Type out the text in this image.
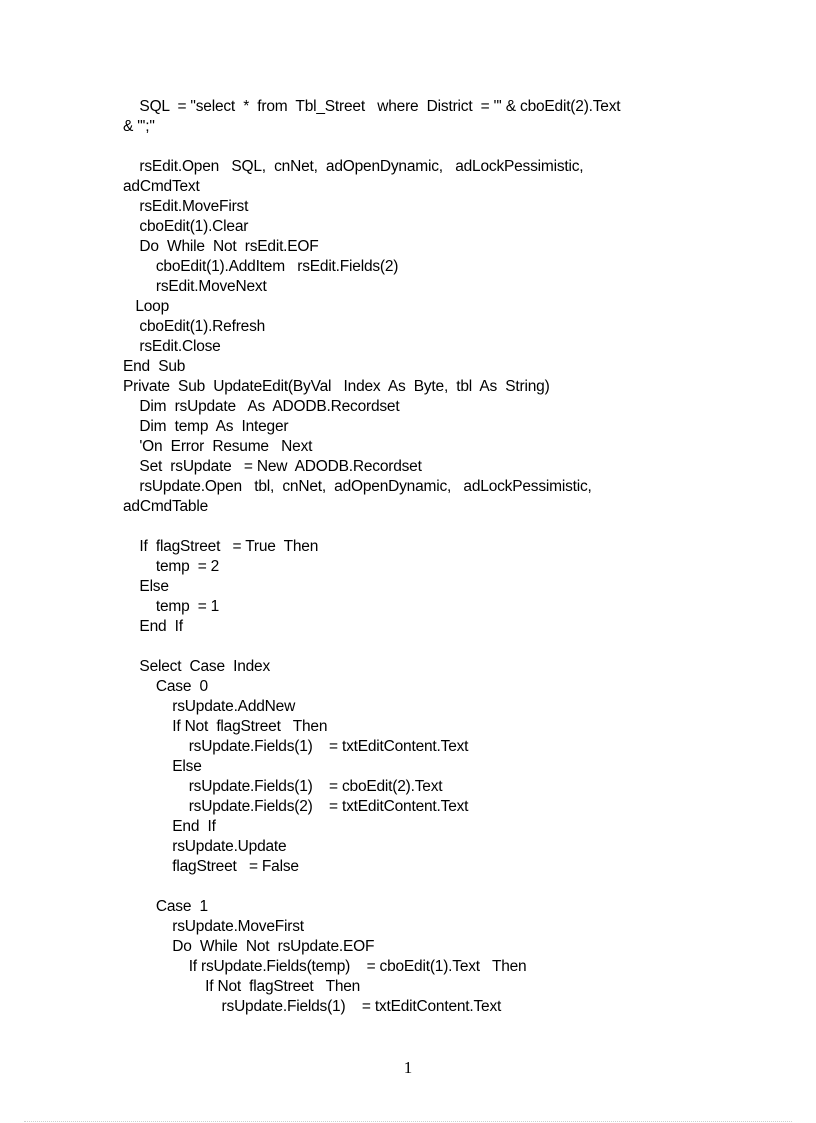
SQL  = "select  *  from  Tbl_Street   where  District  = "' & cboEdit(2).Text
& "';"
rsEdit.Open   SQL,  cnNet,  adOpenDynamic,   adLockPessimistic,
adCmdText
rsEdit.MoveFirst
cboEdit(1).Clear
Do  While  Not  rsEdit.EOF
cboEdit(1).AddItem   rsEdit.Fields(2)
rsEdit.MoveNext
Loop
cboEdit(1).Refresh
rsEdit.Close
End  Sub
Private  Sub  UpdateEdit(ByVal   Index  As  Byte,  tbl  As  String)
Dim  rsUpdate   As  ADODB.Recordset
Dim  temp  As  Integer
'On  Error  Resume   Next
Set  rsUpdate   = New  ADODB.Recordset
rsUpdate.Open   tbl,  cnNet,  adOpenDynamic,   adLockPessimistic,
adCmdTable
If  flagStreet   = True  Then
temp  = 2
Else
temp  = 1
End  If
Select  Case  Index
Case  0
rsUpdate.AddNew
If Not  flagStreet   Then
rsUpdate.Fields(1)    = txtEditContent.Text
Else
rsUpdate.Fields(1)    = cboEdit(2).Text
rsUpdate.Fields(2)    = txtEditContent.Text
End  If
rsUpdate.Update
flagStreet   = False
Case  1
rsUpdate.MoveFirst
Do  While  Not  rsUpdate.EOF
If rsUpdate.Fields(temp)    = cboEdit(1).Text   Then
If Not  flagStreet   Then
rsUpdate.Fields(1)    = txtEditContent.Text
1
